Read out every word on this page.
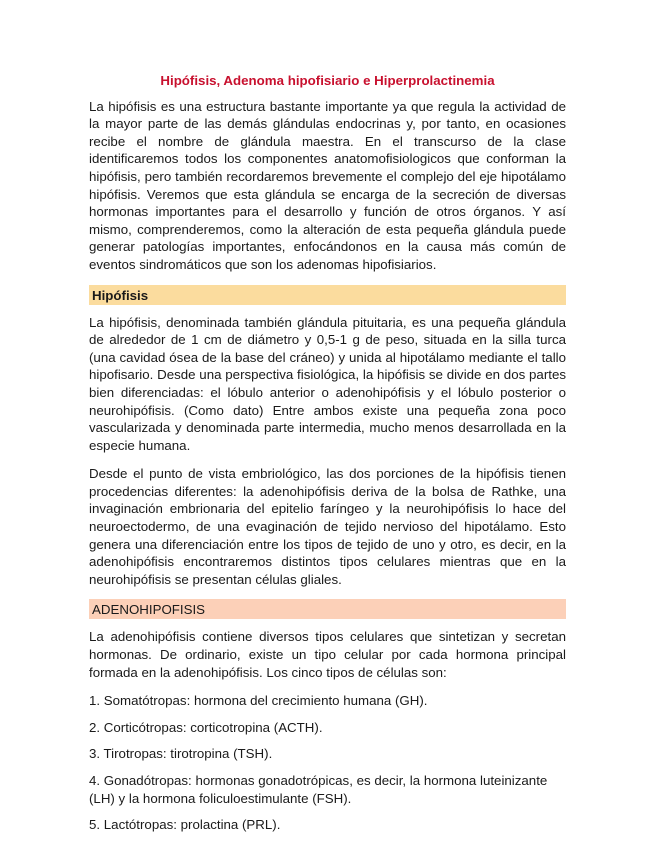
Hipófisis, Adenoma hipofisiario e Hiperprolactinemia
La hipófisis es una estructura bastante importante ya que regula la actividad de la mayor parte de las demás glándulas endocrinas y, por tanto, en ocasiones recibe el nombre de glándula maestra. En el transcurso de la clase identificaremos todos los componentes anatomofisiologicos que conforman la hipófisis, pero también recordaremos brevemente el complejo del eje hipotálamo hipófisis. Veremos que esta glándula se encarga de la secreción de diversas hormonas importantes para el desarrollo y función de otros órganos. Y así mismo, comprenderemos, como la alteración de esta pequeña glándula puede generar patologías importantes, enfocándonos en la causa más común de eventos sindromáticos que son los adenomas hipofisiarios.
Hipófisis
La hipófisis, denominada también glándula pituitaria, es una pequeña glándula de alrededor de 1 cm de diámetro y 0,5-1 g de peso, situada en la silla turca (una cavidad ósea de la base del cráneo) y unida al hipotálamo mediante el tallo hipofisario. Desde una perspectiva fisiológica, la hipófisis se divide en dos partes bien diferenciadas: el lóbulo anterior o adenohipófisis y el lóbulo posterior o neurohipófisis. (Como dato) Entre ambos existe una pequeña zona poco vascularizada y denominada parte intermedia, mucho menos desarrollada en la especie humana.
Desde el punto de vista embriológico, las dos porciones de la hipófisis tienen procedencias diferentes: la adenohipófisis deriva de la bolsa de Rathke, una invaginación embrionaria del epitelio faríngeo y la neurohipófisis lo hace del neuroectodermo, de una evaginación de tejido nervioso del hipotálamo. Esto genera una diferenciación entre los tipos de tejido de uno y otro, es decir, en la adenohipófisis encontraremos distintos tipos celulares mientras que en la neurohipófisis se presentan células gliales.
ADENOHIPOFISIS
La adenohipófisis contiene diversos tipos celulares que sintetizan y secretan hormonas. De ordinario, existe un tipo celular por cada hormona principal formada en la adenohipófisis. Los cinco tipos de células son:
1. Somatótropas: hormona del crecimiento humana (GH).
2. Corticótropas: corticotropina (ACTH).
3. Tirotropas: tirotropina (TSH).
4. Gonadótropas: hormonas gonadotrópicas, es decir, la hormona luteinizante (LH) y la hormona foliculoestimulante (FSH).
5. Lactótropas: prolactina (PRL).
